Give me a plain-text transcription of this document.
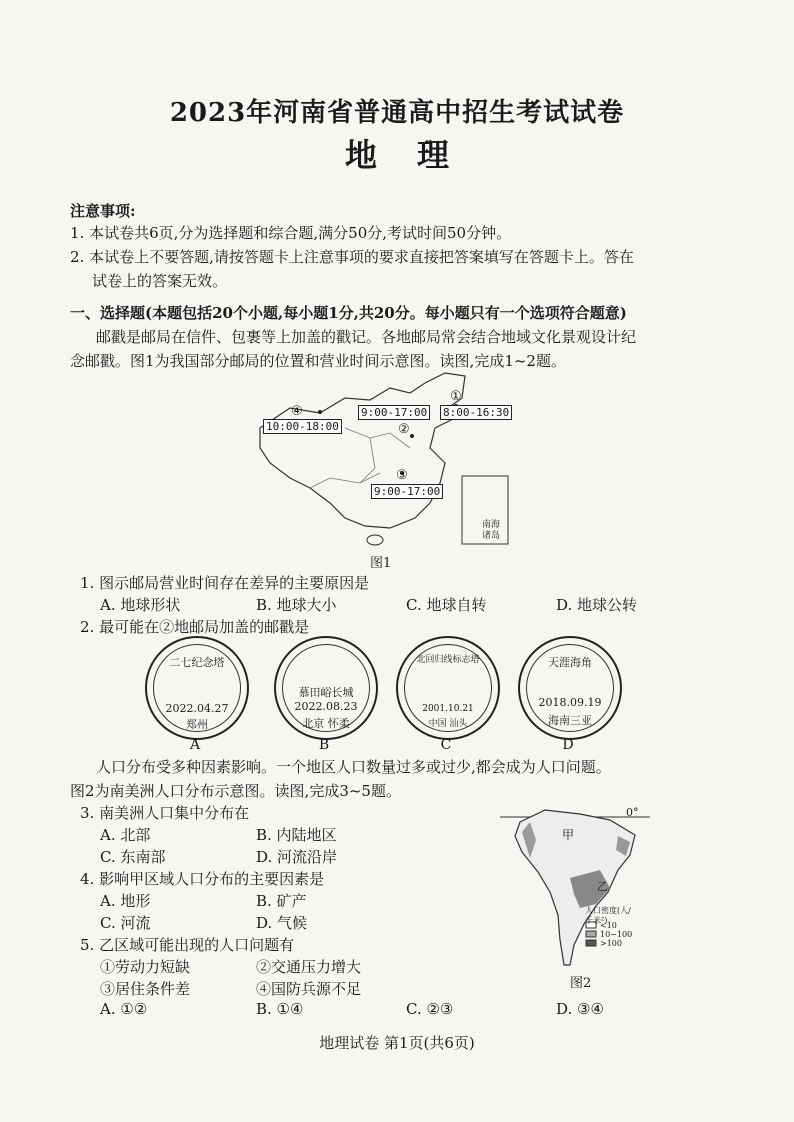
2023年河南省普通高中招生考试试卷
地理
注意事项:
1. 本试卷共6页,分为选择题和综合题,满分50分,考试时间50分钟。
2. 本试卷上不要答题,请按答题卡上注意事项的要求直接把答案填写在答题卡上。答在
试卷上的答案无效。
一、选择题(本题包括20个小题,每小题1分,共20分。每小题只有一个选项符合题意)
邮戳是邮局在信件、包裹等上加盖的戳记。各地邮局常会结合地域文化景观设计纪
念邮戳。图1为我国部分邮局的位置和营业时间示意图。读图,完成1~2题。
④
①
②
③
10:00-18:00
9:00-17:00 8:00-16:30
9:00-17:00
南海诸岛
图1
1. 图示邮局营业时间存在差异的主要原因是
A. 地球形状	B. 地球大小	C. 地球自转	D. 地球公转
2. 最可能在②地邮局加盖的邮戳是
二七纪念塔
2022.04.27
郑州
慕田峪长城
2022.08.23
北京 怀柔
北回归线标志塔
2001.10.21
中国 汕头
天涯海角
2018.09.19
海南三亚
A	B	C	D
人口分布受多种因素影响。一个地区人口数量过多或过少,都会成为人口问题。
图2为南美洲人口分布示意图。读图,完成3~5题。
3. 南美洲人口集中分布在
A. 北部	B. 内陆地区
C. 东南部	D. 河流沿岸
4. 影响甲区域人口分布的主要因素是
A. 地形	B. 矿产
C. 河流	D. 气候
5. 乙区域可能出现的人口问题有
①劳动力短缺	②交通压力增大
③居住条件差	④国防兵源不足
A. ①②	B. ①④	C. ②③	D. ③④
0°
甲
乙
人口密度(人/千米²)
<10
10~100
>100
图2
地理试卷 第1页(共6页)
